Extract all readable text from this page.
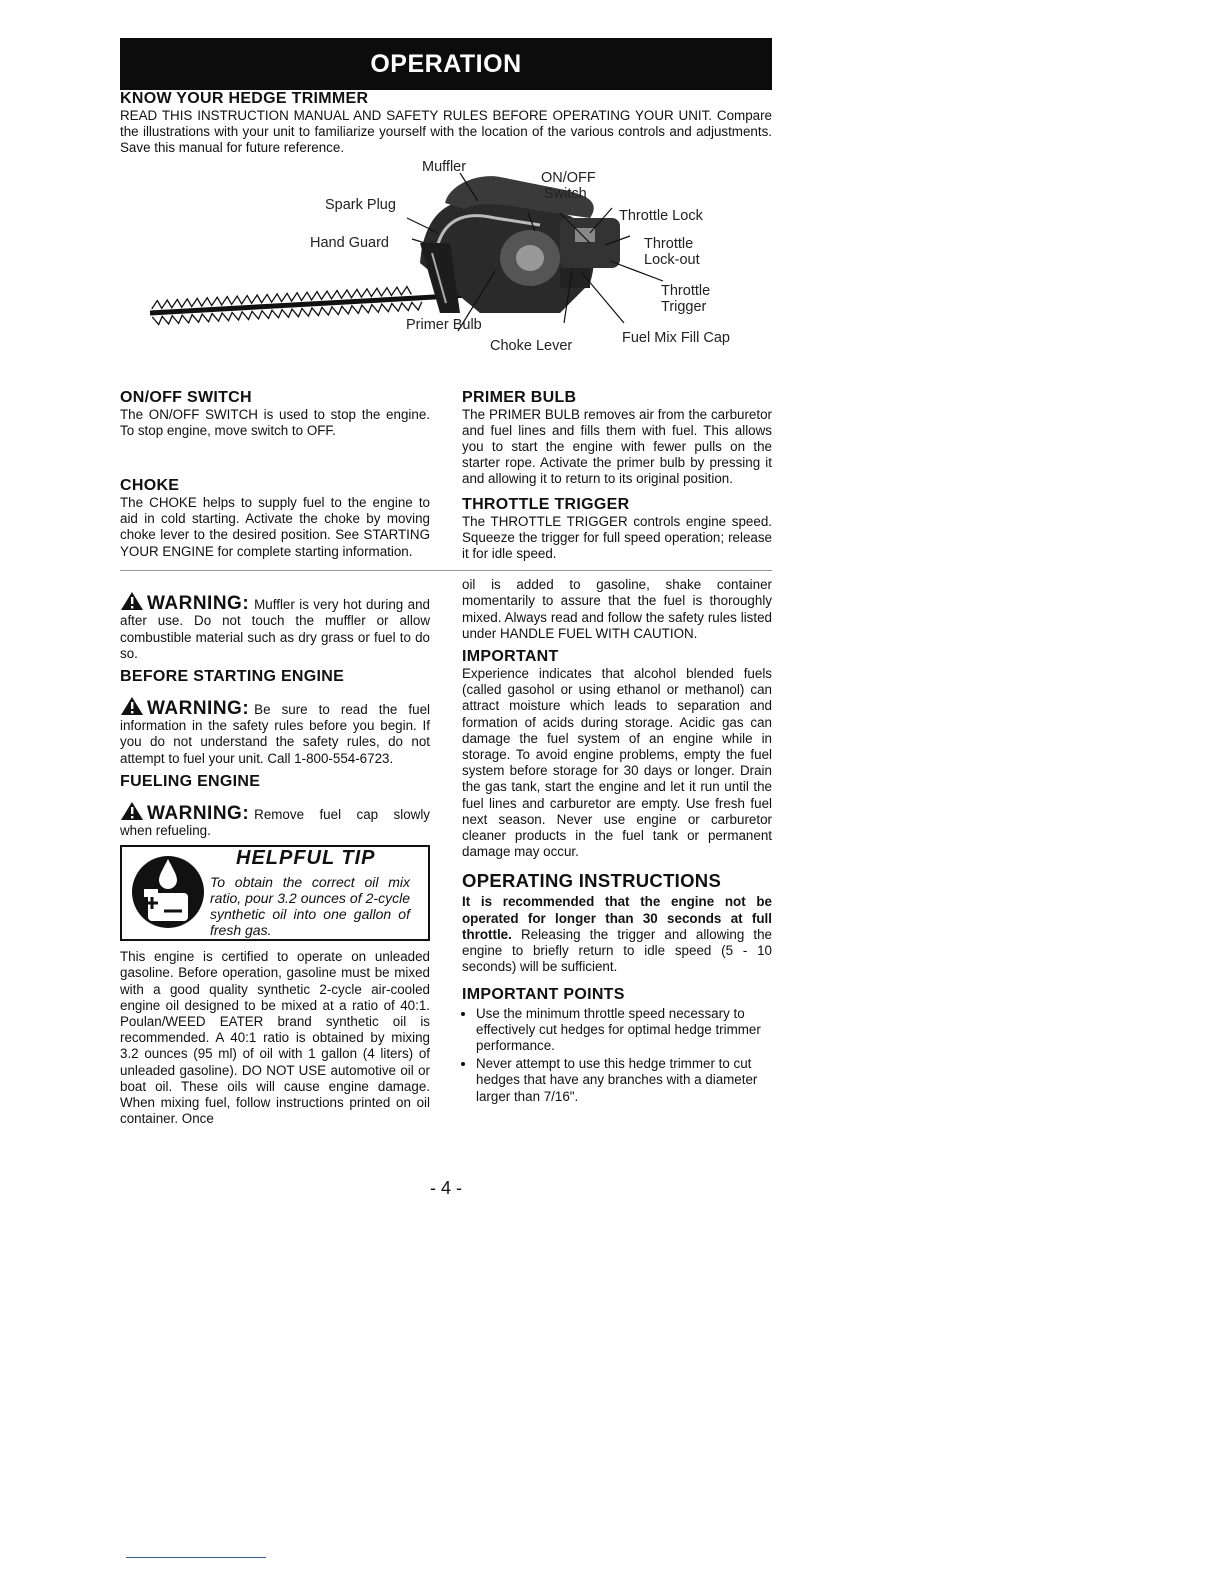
OPERATION
KNOW YOUR HEDGE TRIMMER

READ THIS INSTRUCTION MANUAL AND SAFETY RULES BEFORE OPERATING YOUR UNIT. Compare the illustrations with your unit to familiarize yourself with the location of the various controls and adjustments. Save this manual for future reference.

Muffler
ON/OFF
Switch
Spark Plug
Throttle Lock
Hand Guard	Throttle
Lock-out
Throttle
Trigger
Primer Bulb
Fuel Mix Fill Cap
Choke Lever
ON/OFF SWITCH

The ON/OFF SWITCH is used to stop the engine. To stop engine, move switch to OFF.

CHOKE

The CHOKE helps to supply fuel to the engine to aid in cold starting. Activate the choke by moving choke lever to the desired position. See STARTING YOUR ENGINE for complete starting information.

PRIMER BULB

The PRIMER BULB removes air from the carburetor and fuel lines and fills them with fuel. This allows you to start the engine with fewer pulls on the starter rope. Activate the primer bulb by pressing it and allowing it to return to its original position.

THROTTLE TRIGGER

The THROTTLE TRIGGER controls engine speed. Squeeze the trigger for full speed operation; release it for idle speed.

WARNING: Muffler is very hot during and after use. Do not touch the muffler or allow combustible material such as dry grass or fuel to do so.

BEFORE STARTING ENGINE

WARNING: Be sure to read the fuel information in the safety rules before you begin. If you do not understand the safety rules, do not attempt to fuel your unit. Call 1-800-554-6723.

FUELING ENGINE

WARNING: Remove fuel cap slowly when refueling.

HELPFUL TIP
To obtain the correct oil mix ratio, pour 3.2 ounces of 2-cycle synthetic oil into one gallon of fresh gas.

This engine is certified to operate on unleaded gasoline. Before operation, gasoline must be mixed with a good quality synthetic 2-cycle air-cooled engine oil designed to be mixed at a ratio of 40:1. Poulan/WEED EATER brand synthetic oil is recommended. A 40:1 ratio is obtained by mixing 3.2 ounces (95 ml) of oil with 1 gallon (4 liters) of unleaded gasoline). DO NOT USE automotive oil or boat oil. These oils will cause engine damage. When mixing fuel, follow instructions printed on oil container. Once

oil is added to gasoline, shake container momentarily to assure that the fuel is thoroughly mixed. Always read and follow the safety rules listed under HANDLE FUEL WITH CAUTION.

IMPORTANT

Experience indicates that alcohol blended fuels (called gasohol or using ethanol or methanol) can attract moisture which leads to separation and formation of acids during storage. Acidic gas can damage the fuel system of an engine while in storage. To avoid engine problems, empty the fuel system before storage for 30 days or longer. Drain the gas tank, start the engine and let it run until the fuel lines and carburetor are empty. Use fresh fuel next season. Never use engine or carburetor cleaner products in the fuel tank or permanent damage may occur.

OPERATING INSTRUCTIONS

It is recommended that the engine not be operated for longer than 30 seconds at full throttle. Releasing the trigger and allowing the engine to briefly return to idle speed (5 - 10 seconds) will be sufficient.

IMPORTANT POINTS
• Use the minimum throttle speed necessary to effectively cut hedges for optimal hedge trimmer performance.
• Never attempt to use this hedge trimmer to cut hedges that have any branches with a diameter larger than 7/16".
- 4 -
